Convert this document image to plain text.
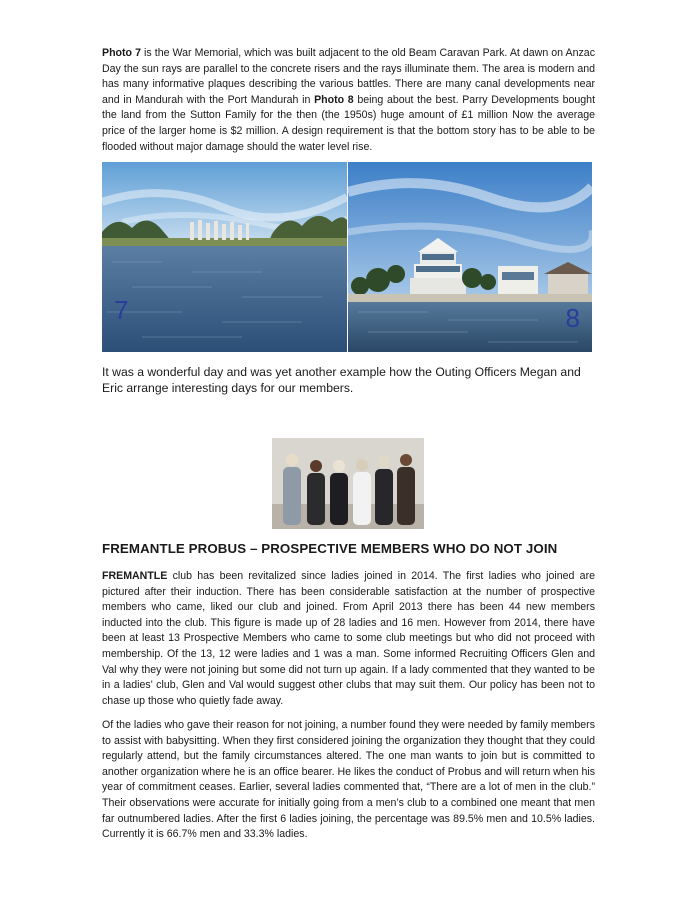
Photo 7 is the War Memorial, which was built adjacent to the old Beam Caravan Park. At dawn on Anzac Day the sun rays are parallel to the concrete risers and the rays illuminate them. The area is modern and has many informative plaques describing the various battles. There are many canal developments near and in Mandurah with the Port Mandurah in Photo 8 being about the best. Parry Developments bought the land from the Sutton Family for the then (the 1950s) huge amount of £1 million Now the average price of the larger home is $2 million. A design requirement is that the bottom story has to be able to be flooded without major damage should the water level rise.

7	8

It was a wonderful day and was yet another example how the Outing Officers Megan and Eric arrange interesting days for our members.

FREMANTLE PROBUS – PROSPECTIVE MEMBERS WHO DO NOT JOIN

FREMANTLE club has been revitalized since ladies joined in 2014. The first ladies who joined are pictured after their induction. There has been considerable satisfaction at the number of prospective members who came, liked our club and joined. From April 2013 there has been 44 new members inducted into the club. This figure is made up of 28 ladies and 16 men. However from 2014, there have been at least 13 Prospective Members who came to some club meetings but who did not proceed with membership. Of the 13, 12 were ladies and 1 was a man. Some informed Recruiting Officers Glen and Val why they were not joining but some did not turn up again. If a lady commented that they wanted to be in a ladies' club, Glen and Val would suggest other clubs that may suit them. Our policy has been not to chase up those who quietly fade away.

Of the ladies who gave their reason for not joining, a number found they were needed by family members to assist with babysitting. When they first considered joining the organization they thought that they could regularly attend, but the family circumstances altered. The one man wants to join but is committed to another organization where he is an office bearer. He likes the conduct of Probus and will return when his year of commitment ceases. Earlier, several ladies commented that, “There are a lot of men in the club.” Their observations were accurate for initially going from a men’s club to a combined one meant that men far outnumbered ladies. After the first 6 ladies joining, the percentage was 89.5% men and 10.5% ladies. Currently it is 66.7% men and 33.3% ladies.
